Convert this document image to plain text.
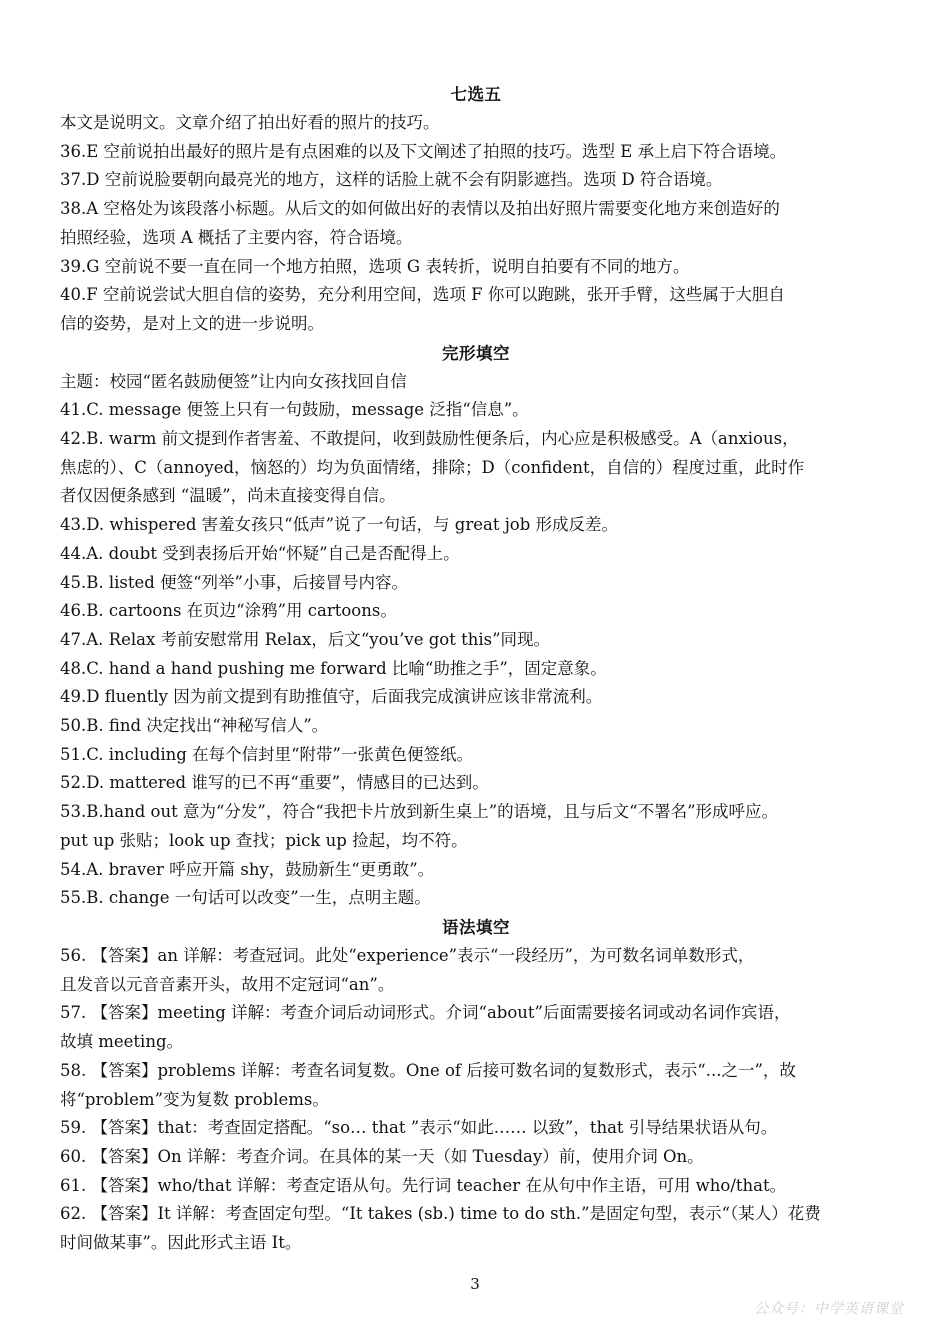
七选五
本文是说明文。文章介绍了拍出好看的照片的技巧。
36.E 空前说拍出最好的照片是有点困难的以及下文阐述了拍照的技巧。选型 E 承上启下符合语境。
37.D 空前说脸要朝向最亮光的地方，这样的话脸上就不会有阴影遮挡。选项 D 符合语境。
38.A 空格处为该段落小标题。从后文的如何做出好的表情以及拍出好照片需要变化地方来创造好的
拍照经验，选项 A 概括了主要内容，符合语境。
39.G 空前说不要一直在同一个地方拍照，选项 G 表转折，说明自拍要有不同的地方。
40.F 空前说尝试大胆自信的姿势，充分利用空间，选项 F 你可以跑跳，张开手臂，这些属于大胆自
信的姿势，是对上文的进一步说明。
完形填空
主题：校园“匿名鼓励便签”让内向女孩找回自信
41.C. message 便签上只有一句鼓励，message 泛指“信息”。
42.B. warm 前文提到作者害羞、不敢提问，收到鼓励性便条后，内心应是积极感受。A（anxious，
焦虑的）、C（annoyed，恼怒的）均为负面情绪，排除；D（confident，自信的）程度过重，此时作
者仅因便条感到 “温暖”，尚未直接变得自信。
43.D. whispered 害羞女孩只“低声”说了一句话，与 great job 形成反差。
44.A. doubt 受到表扬后开始“怀疑”自己是否配得上。
45.B. listed 便签“列举”小事，后接冒号内容。
46.B. cartoons 在页边“涂鸦”用 cartoons。
47.A. Relax 考前安慰常用 Relax，后文“you’ve got this”同现。
48.C. hand a hand pushing me forward 比喻“助推之手”，固定意象。
49.D fluently 因为前文提到有助推值守，后面我完成演讲应该非常流利。
50.B. find 决定找出“神秘写信人”。
51.C. including 在每个信封里“附带”一张黄色便签纸。
52.D. mattered 谁写的已不再“重要”，情感目的已达到。
53.B.hand out 意为“分发”，符合“我把卡片放到新生桌上”的语境，且与后文“不署名”形成呼应。
put up 张贴；look up 查找；pick up 捡起，均不符。
54.A. braver 呼应开篇 shy，鼓励新生“更勇敢”。
55.B. change 一句话可以改变”一生，点明主题。
语法填空
56. 【答案】an 详解：考查冠词。此处“experience”表示“一段经历”，为可数名词单数形式，
且发音以元音音素开头，故用不定冠词“an”。
57. 【答案】meeting 详解：考查介词后动词形式。介词“about”后面需要接名词或动名词作宾语，
故填 meeting。
58. 【答案】problems 详解：考查名词复数。One of 后接可数名词的复数形式，表示“...之一”，故
将“problem”变为复数 problems。
59. 【答案】that：考查固定搭配。“so… that ”表示“如此…… 以致”，that 引导结果状语从句。
60. 【答案】On 详解：考查介词。在具体的某一天（如 Tuesday）前，使用介词 On。
61. 【答案】who/that 详解：考查定语从句。先行词 teacher 在从句中作主语，可用 who/that。
62. 【答案】It 详解：考查固定句型。“It takes (sb.) time to do sth.”是固定句型，表示“（某人）花费
时间做某事”。因此形式主语 It。
3
公众号：中学英语课堂
